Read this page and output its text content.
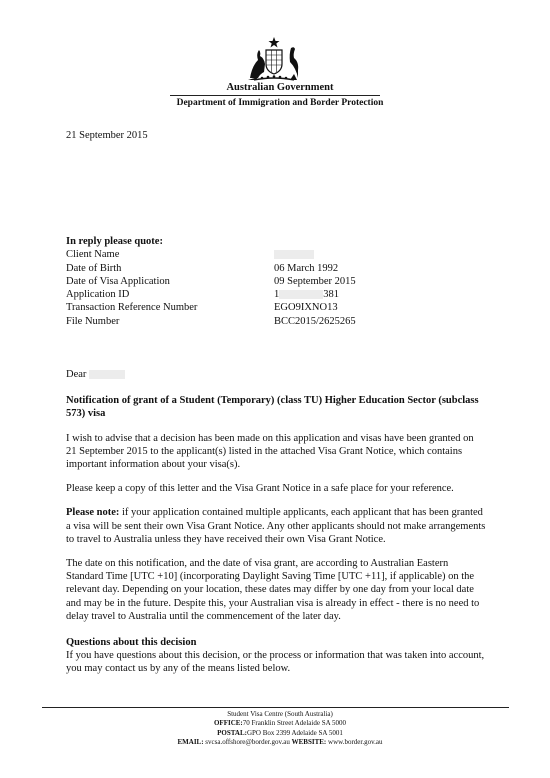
Australian Government
Department of Immigration and Border Protection
21 September 2015
In reply please quote:
Client Name
Date of Birth	06 March 1992
Date of Visa Application	09 September 2015
Application ID	1	381
Transaction Reference Number	EGO9IXNO13
File Number	BCC2015/2625265

Dear

Notification of grant of a Student (Temporary) (class TU) Higher Education Sector (subclass 573) visa

I wish to advise that a decision has been made on this application and visas have been granted on 21 September 2015 to the applicant(s) listed in the attached Visa Grant Notice, which contains important information about your visa(s).

Please keep a copy of this letter and the Visa Grant Notice in a safe place for your reference.

Please note: if your application contained multiple applicants, each applicant that has been granted a visa will be sent their own Visa Grant Notice. Any other applicants should not make arrangements to travel to Australia unless they have received their own Visa Grant Notice.

The date on this notification, and the date of visa grant, are according to Australian Eastern Standard Time [UTC +10] (incorporating Daylight Saving Time [UTC +11], if applicable) on the relevant day. Depending on your location, these dates may differ by one day from your local date and may be in the future. Despite this, your Australian visa is already in effect - there is no need to delay travel to Australia until the commencement of the later day.

Questions about this decision

If you have questions about this decision, or the process or information that was taken into account, you may contact us by any of the means listed below.

Student Visa Centre (South Australia)
OFFICE:70 Franklin Street Adelaide SA 5000
POSTAL:GPO Box 2399 Adelaide SA 5001
EMAIL: svcsa.offshore@border.gov.au WEBSITE: www.border.gov.au
